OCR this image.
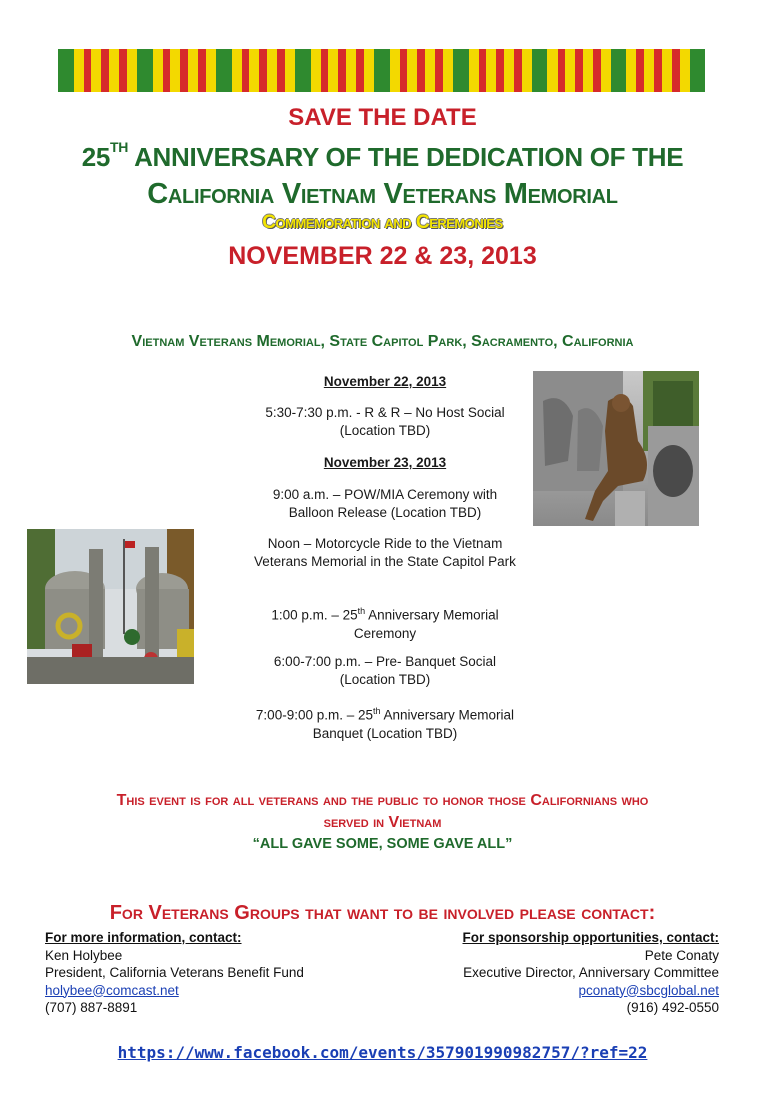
SAVE THE DATE
25TH ANNIVERSARY OF THE DEDICATION OF THE
California Vietnam Veterans Memorial
Commemoration and Ceremonies
NOVEMBER 22 & 23, 2013
Vietnam Veterans Memorial, State Capitol Park, Sacramento, California
November 22, 2013
5:30-7:30 p.m. - R & R – No Host Social (Location TBD)
November 23, 2013
9:00 a.m. – POW/MIA Ceremony with Balloon Release (Location TBD)
Noon – Motorcycle Ride to the Vietnam Veterans Memorial in the State Capitol Park
1:00 p.m. – 25th Anniversary Memorial Ceremony
6:00-7:00 p.m. – Pre- Banquet Social (Location TBD)
7:00-9:00 p.m. – 25th Anniversary Memorial Banquet (Location TBD)
This event is for all veterans and the public to honor those Californians who
served in Vietnam
“ALL GAVE SOME, SOME GAVE ALL”
For Veterans Groups that want to be involved please contact:
For more information, contact:
Ken Holybee
President, California Veterans Benefit Fund
holybee@comcast.net
(707) 887-8891
For sponsorship opportunities, contact:
Pete Conaty
Executive Director, Anniversary Committee
pconaty@sbcglobal.net
(916) 492-0550
https://www.facebook.com/events/357901990982757/?ref=22
